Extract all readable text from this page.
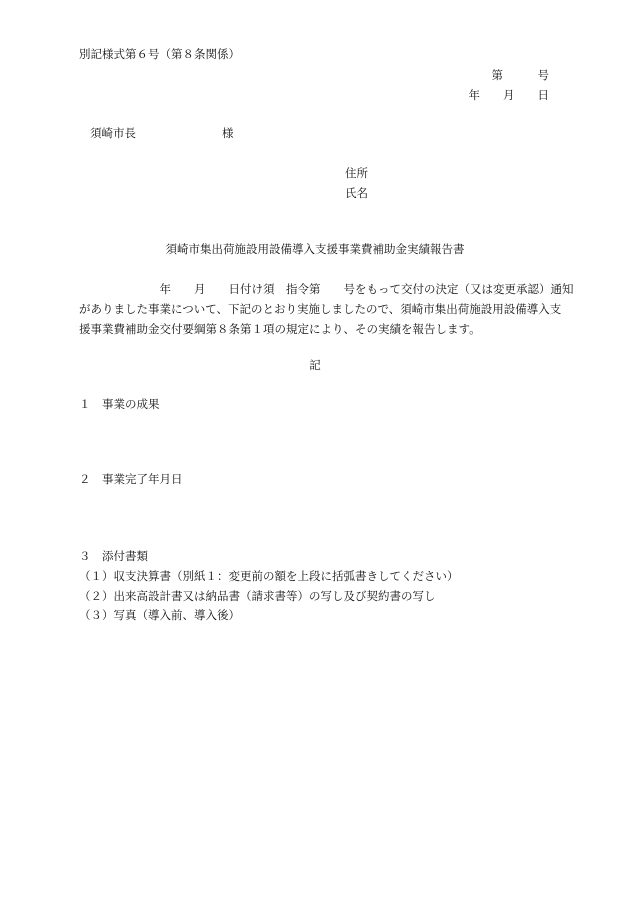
別記様式第６号（第８条関係）
第　　　号
年　　月　　日
須崎市長	様
住所
氏名
須崎市集出荷施設用設備導入支援事業費補助金実績報告書
　　　　　　　年　　月　　日付け須　指令第　　号をもって交付の決定（又は変更承認）通知
がありました事業について、下記のとおり実施しましたので、須崎市集出荷施設用設備導入支
援事業費補助金交付要綱第８条第１項の規定により、その実績を報告します。
記
１　事業の成果
２　事業完了年月日
３　添付書類
（１）収支決算書（別紙１：変更前の額を上段に括弧書きしてください）
（２）出来高設計書又は納品書（請求書等）の写し及び契約書の写し
（３）写真（導入前、導入後）
